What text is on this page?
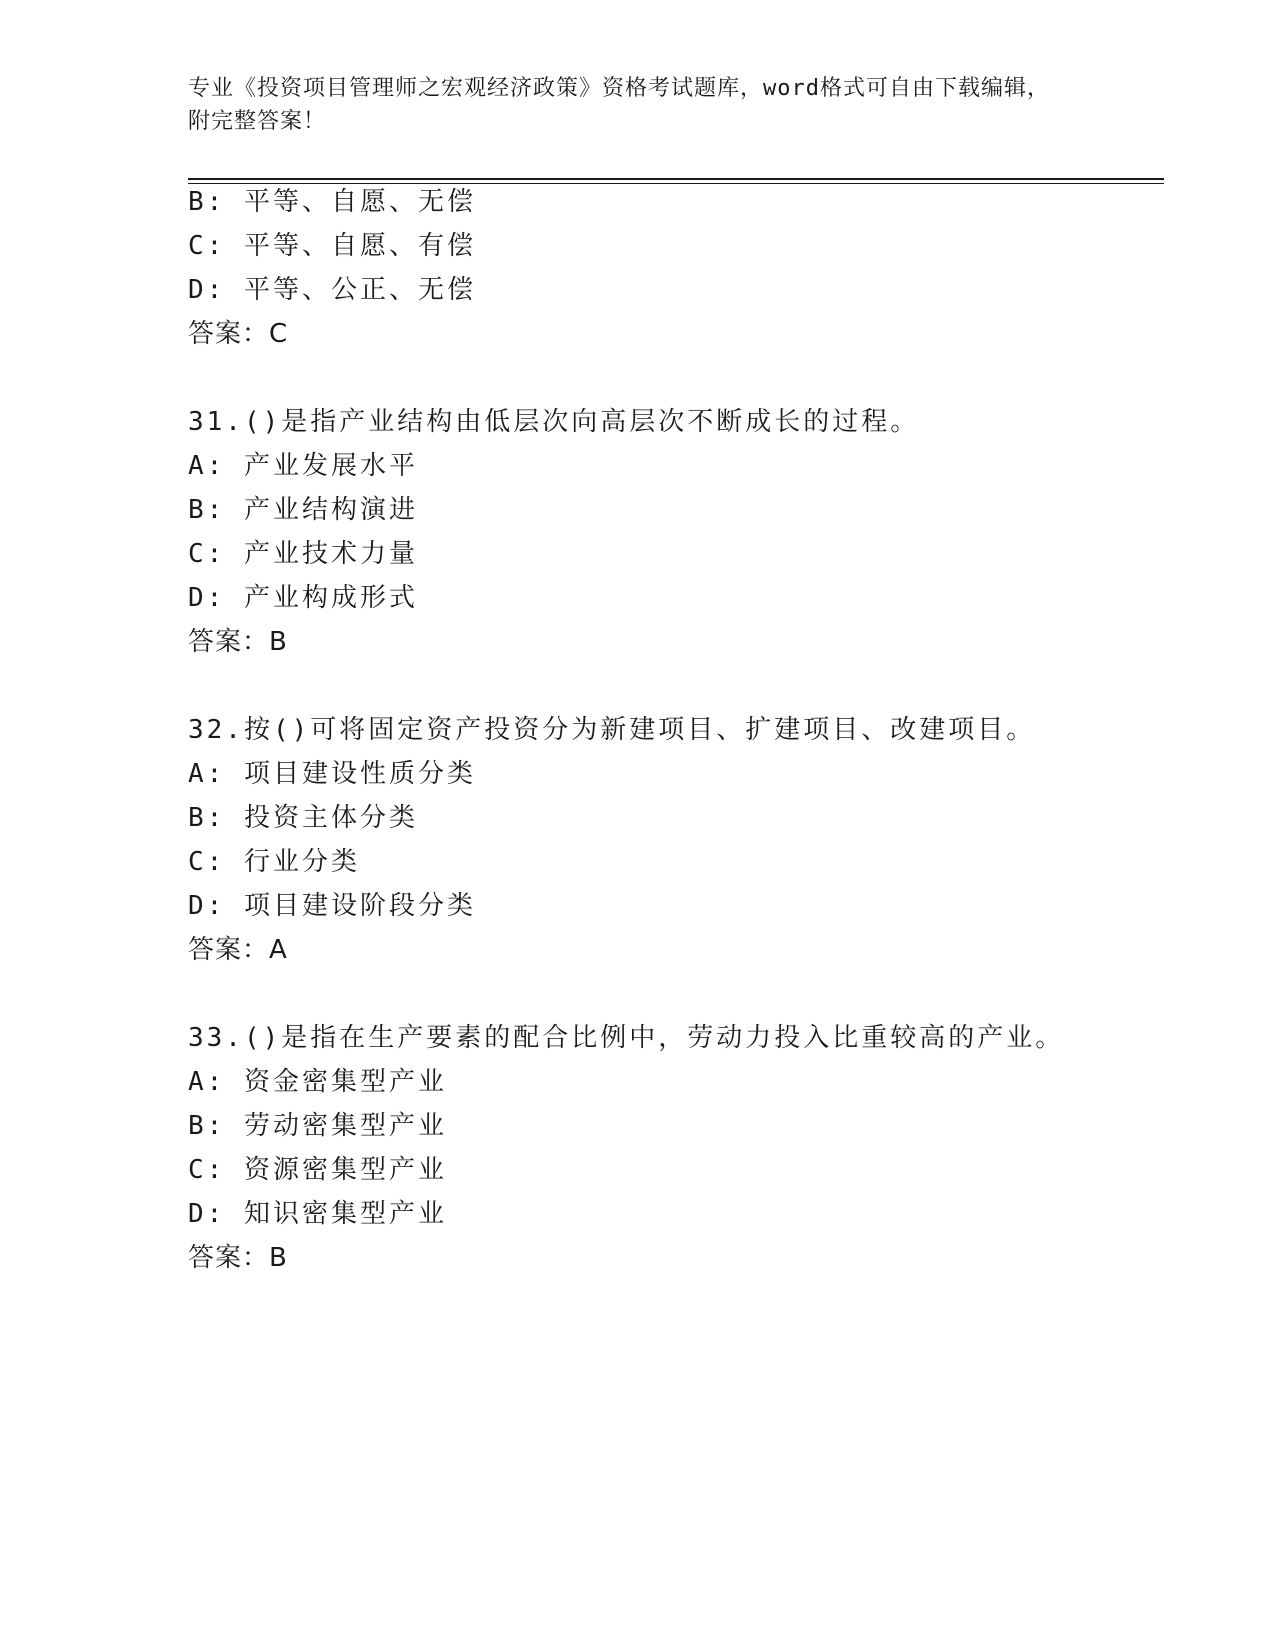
专业《投资项目管理师之宏观经济政策》资格考试题库，word格式可自由下载编辑，附完整答案！
B: 平等、自愿、无偿
C: 平等、自愿、有偿
D: 平等、公正、无偿
答案：C
31.()是指产业结构由低层次向高层次不断成长的过程。
A: 产业发展水平
B: 产业结构演进
C: 产业技术力量
D: 产业构成形式
答案：B
32.按()可将固定资产投资分为新建项目、扩建项目、改建项目。
A: 项目建设性质分类
B: 投资主体分类
C: 行业分类
D: 项目建设阶段分类
答案：A
33.()是指在生产要素的配合比例中，劳动力投入比重较高的产业。
A: 资金密集型产业
B: 劳动密集型产业
C: 资源密集型产业
D: 知识密集型产业
答案：B
